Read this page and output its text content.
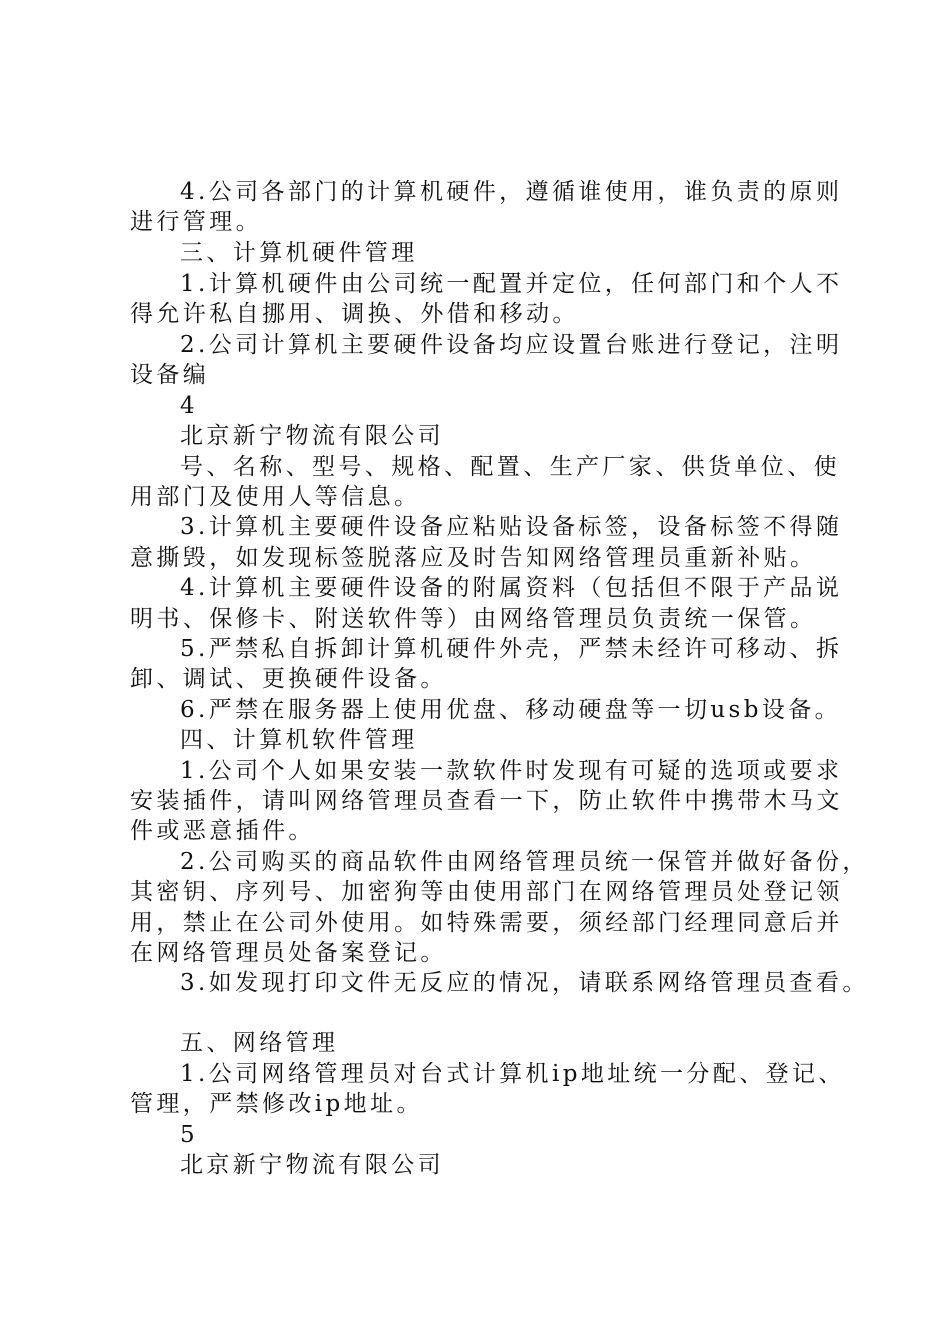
4.公司各部门的计算机硬件，遵循谁使用，谁负责的原则
进行管理。
三、计算机硬件管理
1.计算机硬件由公司统一配置并定位，任何部门和个人不
得允许私自挪用、调换、外借和移动。
2.公司计算机主要硬件设备均应设置台账进行登记，注明
设备编
4
北京新宁物流有限公司
号、名称、型号、规格、配置、生产厂家、供货单位、使
用部门及使用人等信息。
3.计算机主要硬件设备应粘贴设备标签，设备标签不得随
意撕毁，如发现标签脱落应及时告知网络管理员重新补贴。
4.计算机主要硬件设备的附属资料（包括但不限于产品说
明书、保修卡、附送软件等）由网络管理员负责统一保管。
5.严禁私自拆卸计算机硬件外壳，严禁未经许可移动、拆
卸、调试、更换硬件设备。
6.严禁在服务器上使用优盘、移动硬盘等一切usb设备。
四、计算机软件管理
1.公司个人如果安装一款软件时发现有可疑的选项或要求
安装插件，请叫网络管理员查看一下，防止软件中携带木马文
件或恶意插件。
2.公司购买的商品软件由网络管理员统一保管并做好备份，
其密钥、序列号、加密狗等由使用部门在网络管理员处登记领
用，禁止在公司外使用。如特殊需要，须经部门经理同意后并
在网络管理员处备案登记。
3.如发现打印文件无反应的情况，请联系网络管理员查看。
五、网络管理
1.公司网络管理员对台式计算机ip地址统一分配、登记、
管理，严禁修改ip地址。
5
北京新宁物流有限公司
